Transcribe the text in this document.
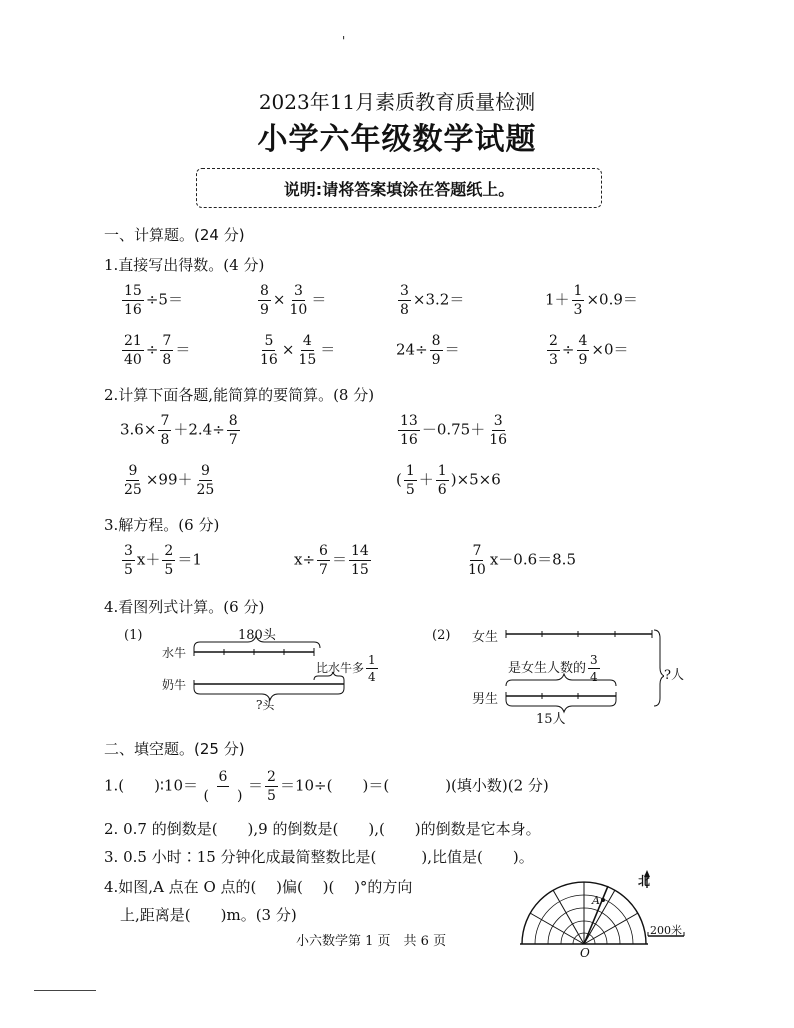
'
2023年11月素质教育质量检测
小学六年级数学试题
说明:请将答案填涂在答题纸上。
一、计算题。(24 分)
1.直接写出得数。(4 分)
$\frac{15}{16} \div 5=$	$\frac{8}{9} \times \frac{3}{10}$ ＝	$\frac{3}{8} \times 3.2=$	$1+ \frac{1}{3} \times 0.9=$
$\frac{21}{40} \div \frac{7}{8}$ ＝	$\frac{5}{16} \times \frac{4}{15}$ ＝	$24\div \frac{8}{9}$ ＝	$\frac{2}{3} \div \frac{4}{9} \times 0=$
2.计算下面各题,能简算的要简算。(8 分)
$3.6\times \frac{7}{8} +2.4\div \frac{8}{7}$	$\frac{13}{16} -0.75+ \frac{3}{16}$
$\frac{9}{25} \times 99+ \frac{9}{25}$	( $\frac{1}{5} + \frac{1}{6} )\times 5\times 6$
3.解方程。(6 分)
$\frac{3}{5} x+ \frac{2}{5} =1$	$x\div \frac{6}{7} = \frac{14}{15}$	$\frac{7}{10} x-0.6=8.5$
4.看图列式计算。(6 分)
(1)	180头
水牛
奶牛
比水牛多 $\frac{1}{4}$
?头
(2) 女生
是女生人数的 $\frac{3}{4}$
男生
15人
?人
二、填空题。(25 分)
1.( )∶10＝ $\frac{6}{( )} = \frac{2}{5} =10\div$( )＝(	)(填小数)(2 分)
2. 0.7 的倒数是(　　),9 的倒数是(　　),(　　)的倒数是它本身。
3. 0.5 小时∶15 分钟化成最简整数比是(　　　),比值是(　　)。
4.如图,A 点在 O 点的(　 )偏(　 )(　 )°的方向
上,距离是(　　)m。(3 分)
北
A
O
200米
小六数学第 1 页　共 6 页
